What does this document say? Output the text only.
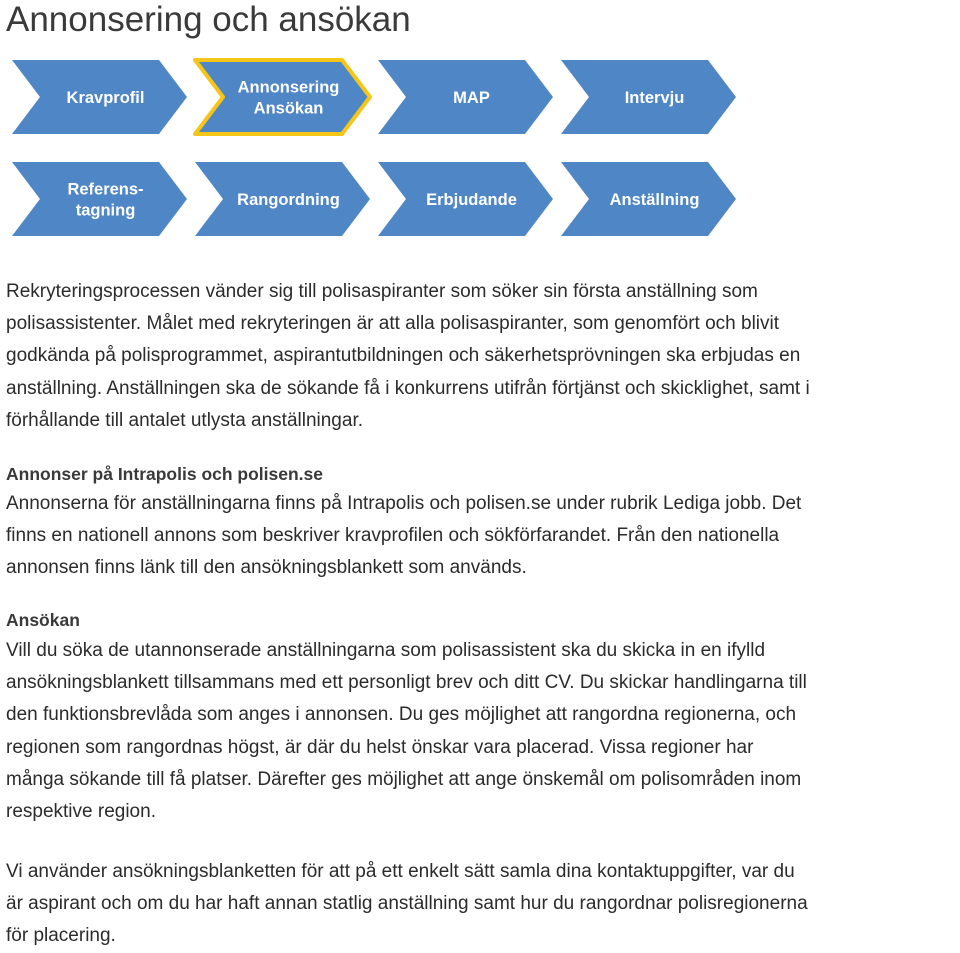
Annonsering och ansökan
Kravprofil
Annonsering
Ansökan
MAP	Intervju
Referens-
tagning
Rangordning	Erbjudande	Anställning
Rekryteringsprocessen vänder sig till polisaspiranter som söker sin första anställning som
polisassistenter. Målet med rekryteringen är att alla polisaspiranter, som genomfört och blivit
godkända på polisprogrammet, aspirantutbildningen och säkerhetsprövningen ska erbjudas en
anställning. Anställningen ska de sökande få i konkurrens utifrån förtjänst och skicklighet, samt i
förhållande till antalet utlysta anställningar.
Annonser på Intrapolis och polisen.se
Annonserna för anställningarna finns på Intrapolis och polisen.se under rubrik Lediga jobb. Det
finns en nationell annons som beskriver kravprofilen och sökförfarandet. Från den nationella
annonsen finns länk till den ansökningsblankett som används.
Ansökan
Vill du söka de utannonserade anställningarna som polisassistent ska du skicka in en ifylld
ansökningsblankett tillsammans med ett personligt brev och ditt CV. Du skickar handlingarna till
den funktionsbrevlåda som anges i annonsen. Du ges möjlighet att rangordna regionerna, och
regionen som rangordnas högst, är där du helst önskar vara placerad. Vissa regioner har
många sökande till få platser. Därefter ges möjlighet att ange önskemål om polisområden inom
respektive region.
Vi använder ansökningsblanketten för att på ett enkelt sätt samla dina kontaktuppgifter, var du
är aspirant och om du har haft annan statlig anställning samt hur du rangordnar polisregionerna
för placering.
